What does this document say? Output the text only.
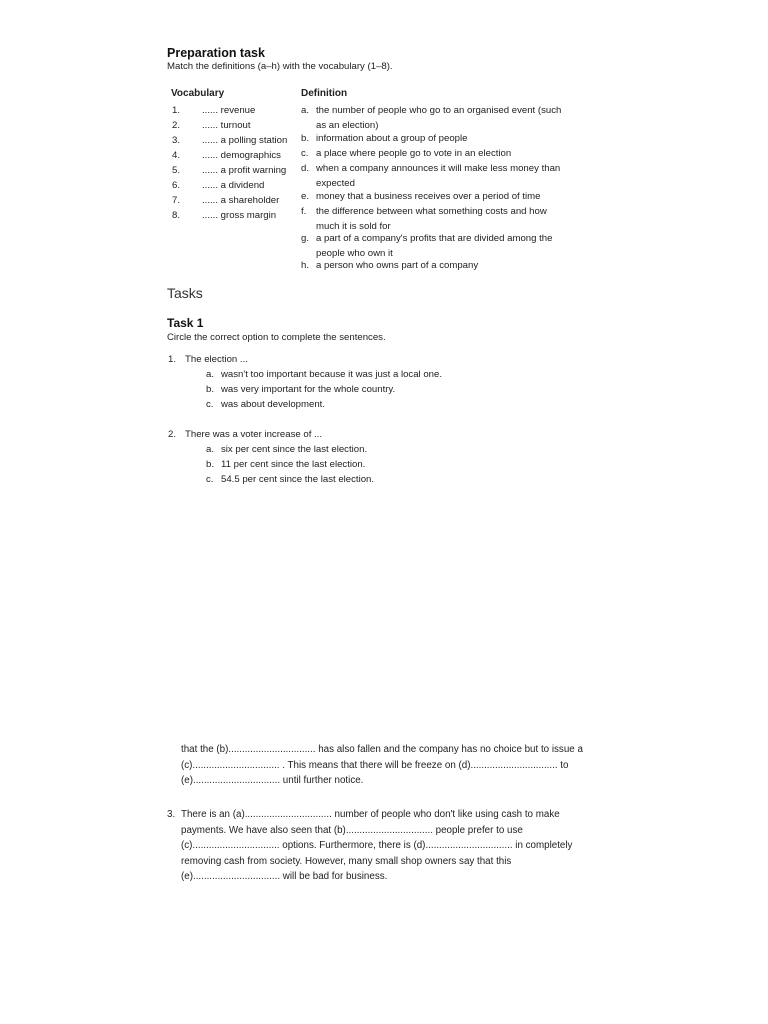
Preparation task
Match the definitions (a–h) with the vocabulary (1–8).
Vocabulary	Definition
1.	...... revenue
2.	...... turnout
3.	...... a polling station
4.	...... demographics
5.	...... a profit warning
6.	...... a dividend
7.	...... a shareholder
8.	...... gross margin
a. the number of people who go to an organised event (such
as an election)
b. information about a group of people
c. a place where people go to vote in an election
d. when a company announces it will make less money than
expected
e. money that a business receives over a period of time
f.	the difference between what something costs and how
much it is sold for
g. a part of a company's profits that are divided among the
people who own it
h. a person who owns part of a company
Tasks
Task 1
Circle the correct option to complete the sentences.
1. The election ...
a. wasn't too important because it was just a local one.
b. was very important for the whole country.
c. was about development.
2. There was a voter increase of ...
a. six per cent since the last election.
b. 11 per cent since the last election.
c. 54.5 per cent since the last election.
that the (b)................................ has also fallen and the company has no choice but to issue a
(c)................................ . This means that there will be freeze on (d)................................ to
(e)................................ until further notice.
3. There is an (a)................................ number of people who don't like using cash to make
payments. We have also seen that (b)................................ people prefer to use
(c)................................ options. Furthermore, there is (d)................................ in completely
removing cash from society. However, many small shop owners say that this
(e)................................ will be bad for business.
